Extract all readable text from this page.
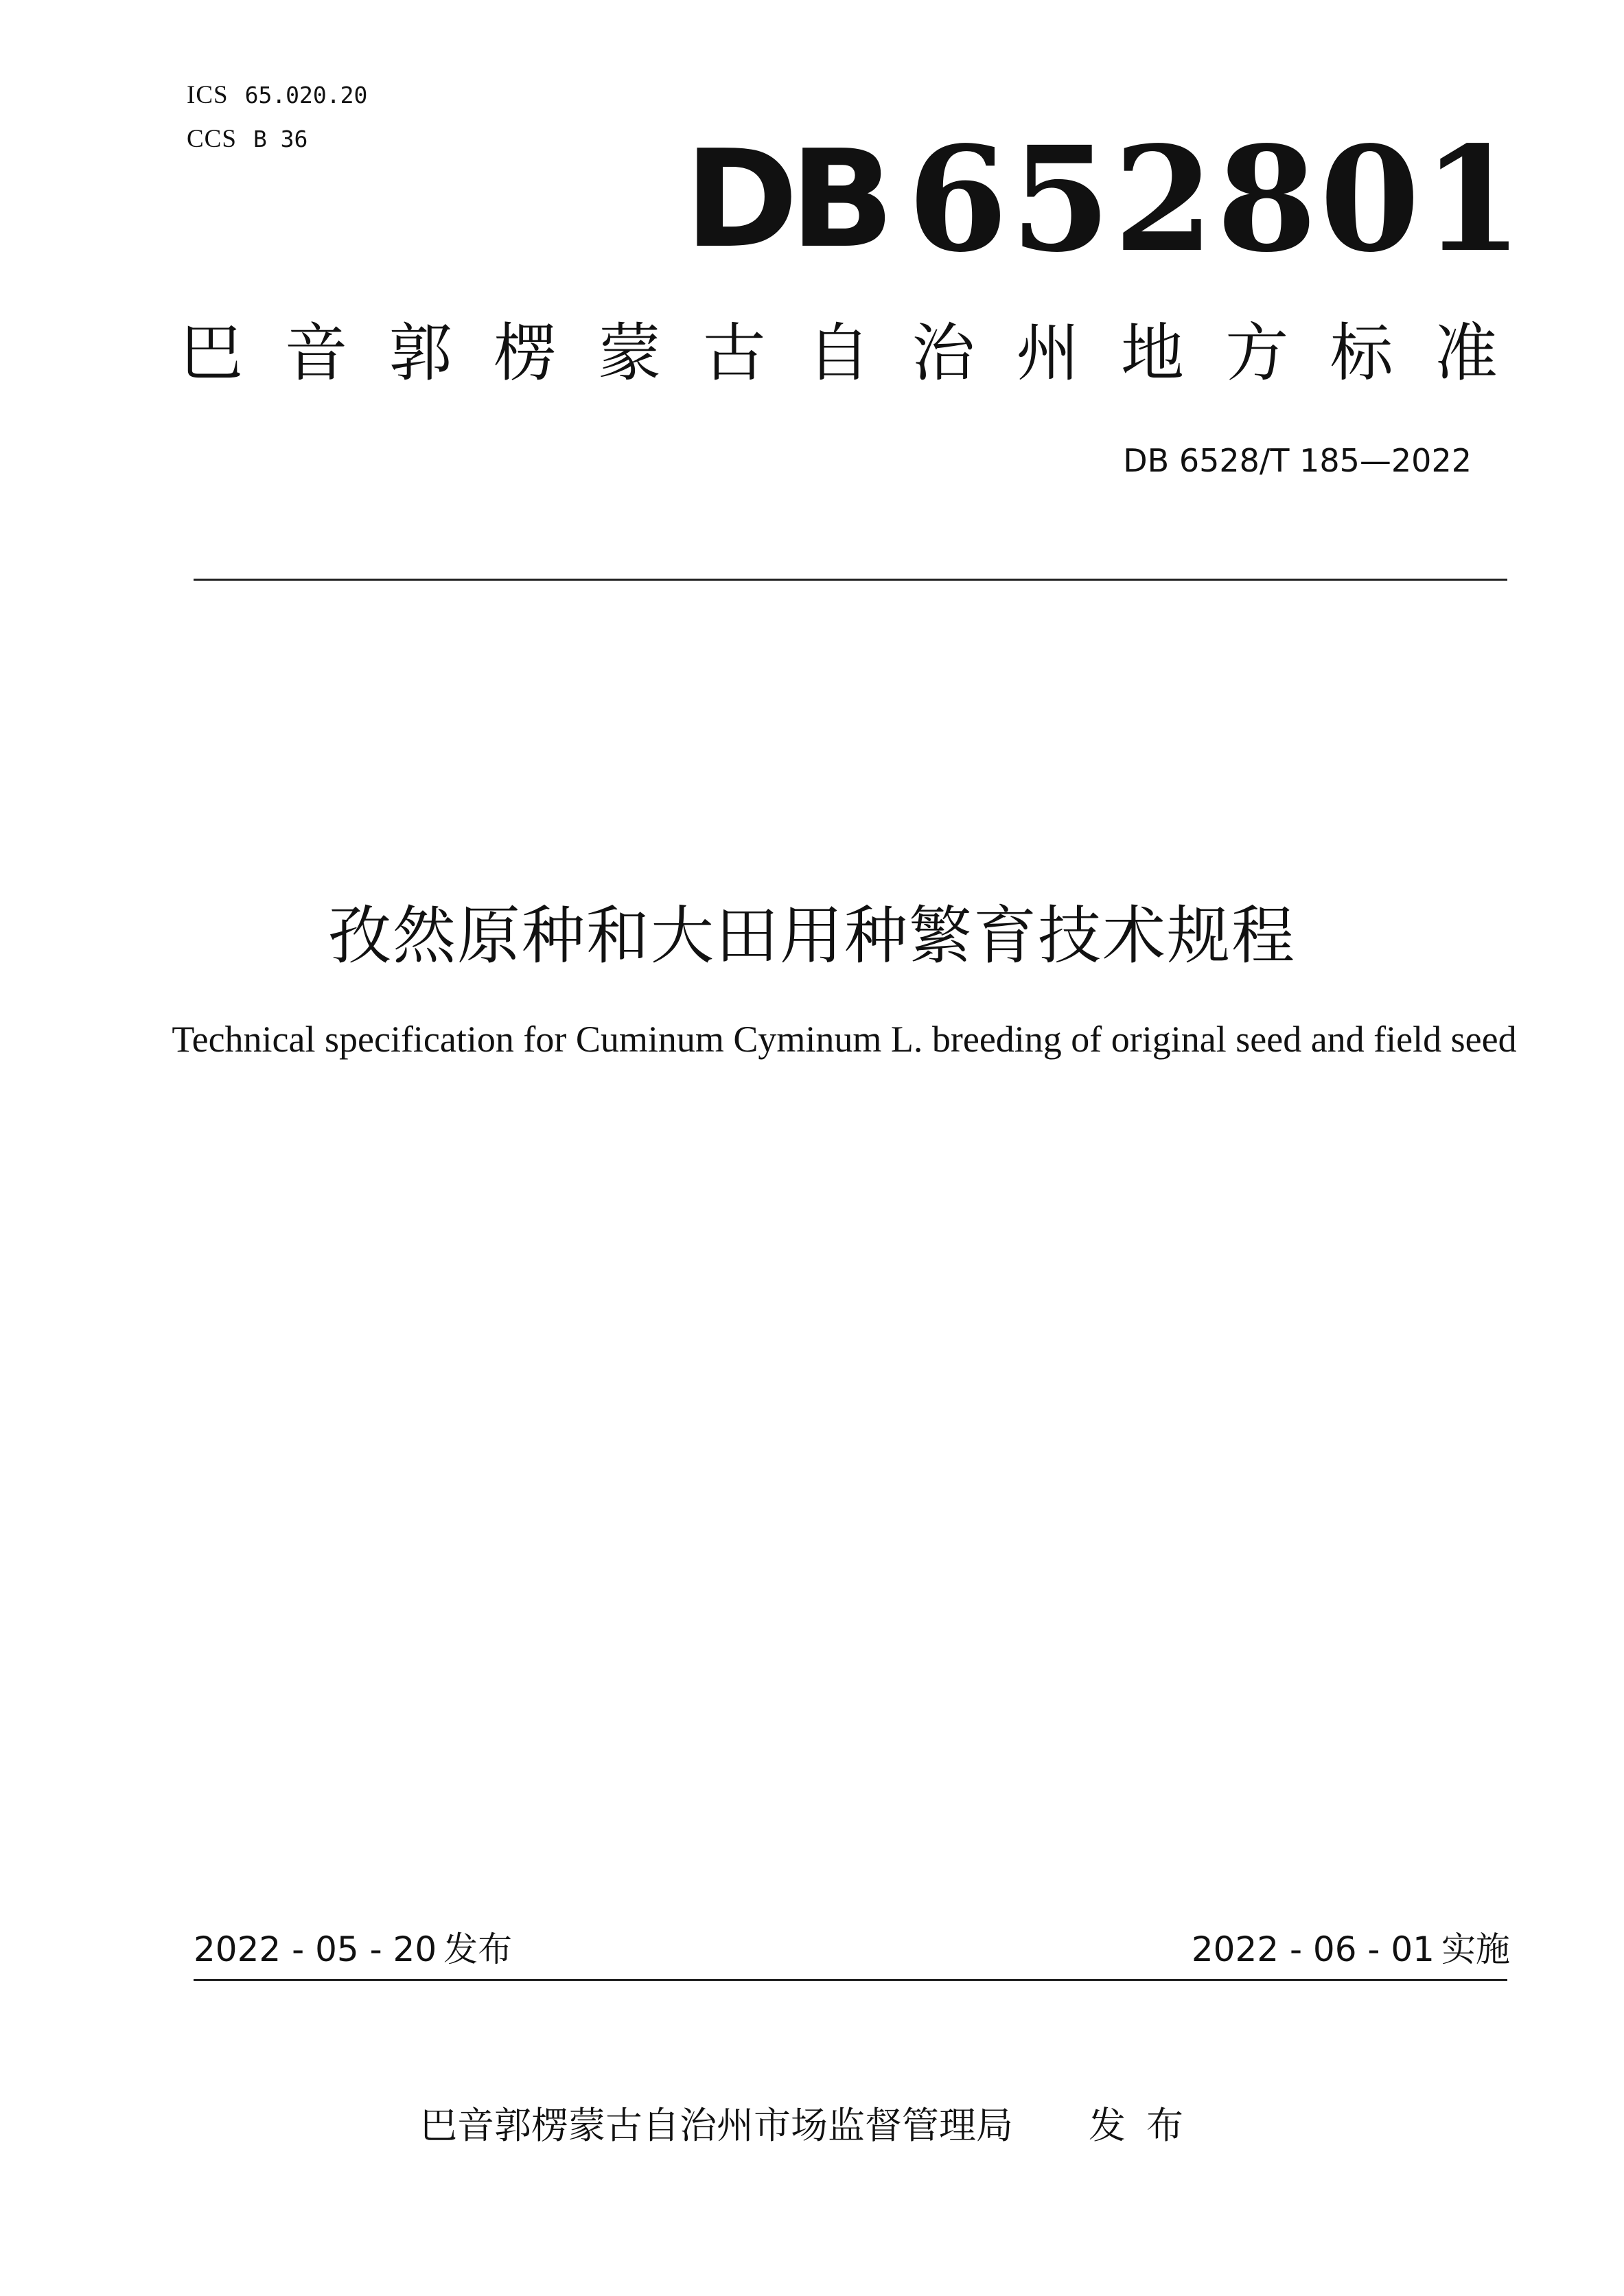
ICS 65.020.20
CCS B 36	DB 652801
巴 音 郭 楞 蒙 古 自 治 州 地 方 标 准
DB 6528/T 185—2022
孜然原种和大田用种繁育技术规程
Technical specification for Cuminum Cyminum L. breeding of original seed and field seed
2022 - 05 - 20 发布	2022 - 06 - 01 实施
巴音郭楞蒙古自治州市场监督管理局 发布
